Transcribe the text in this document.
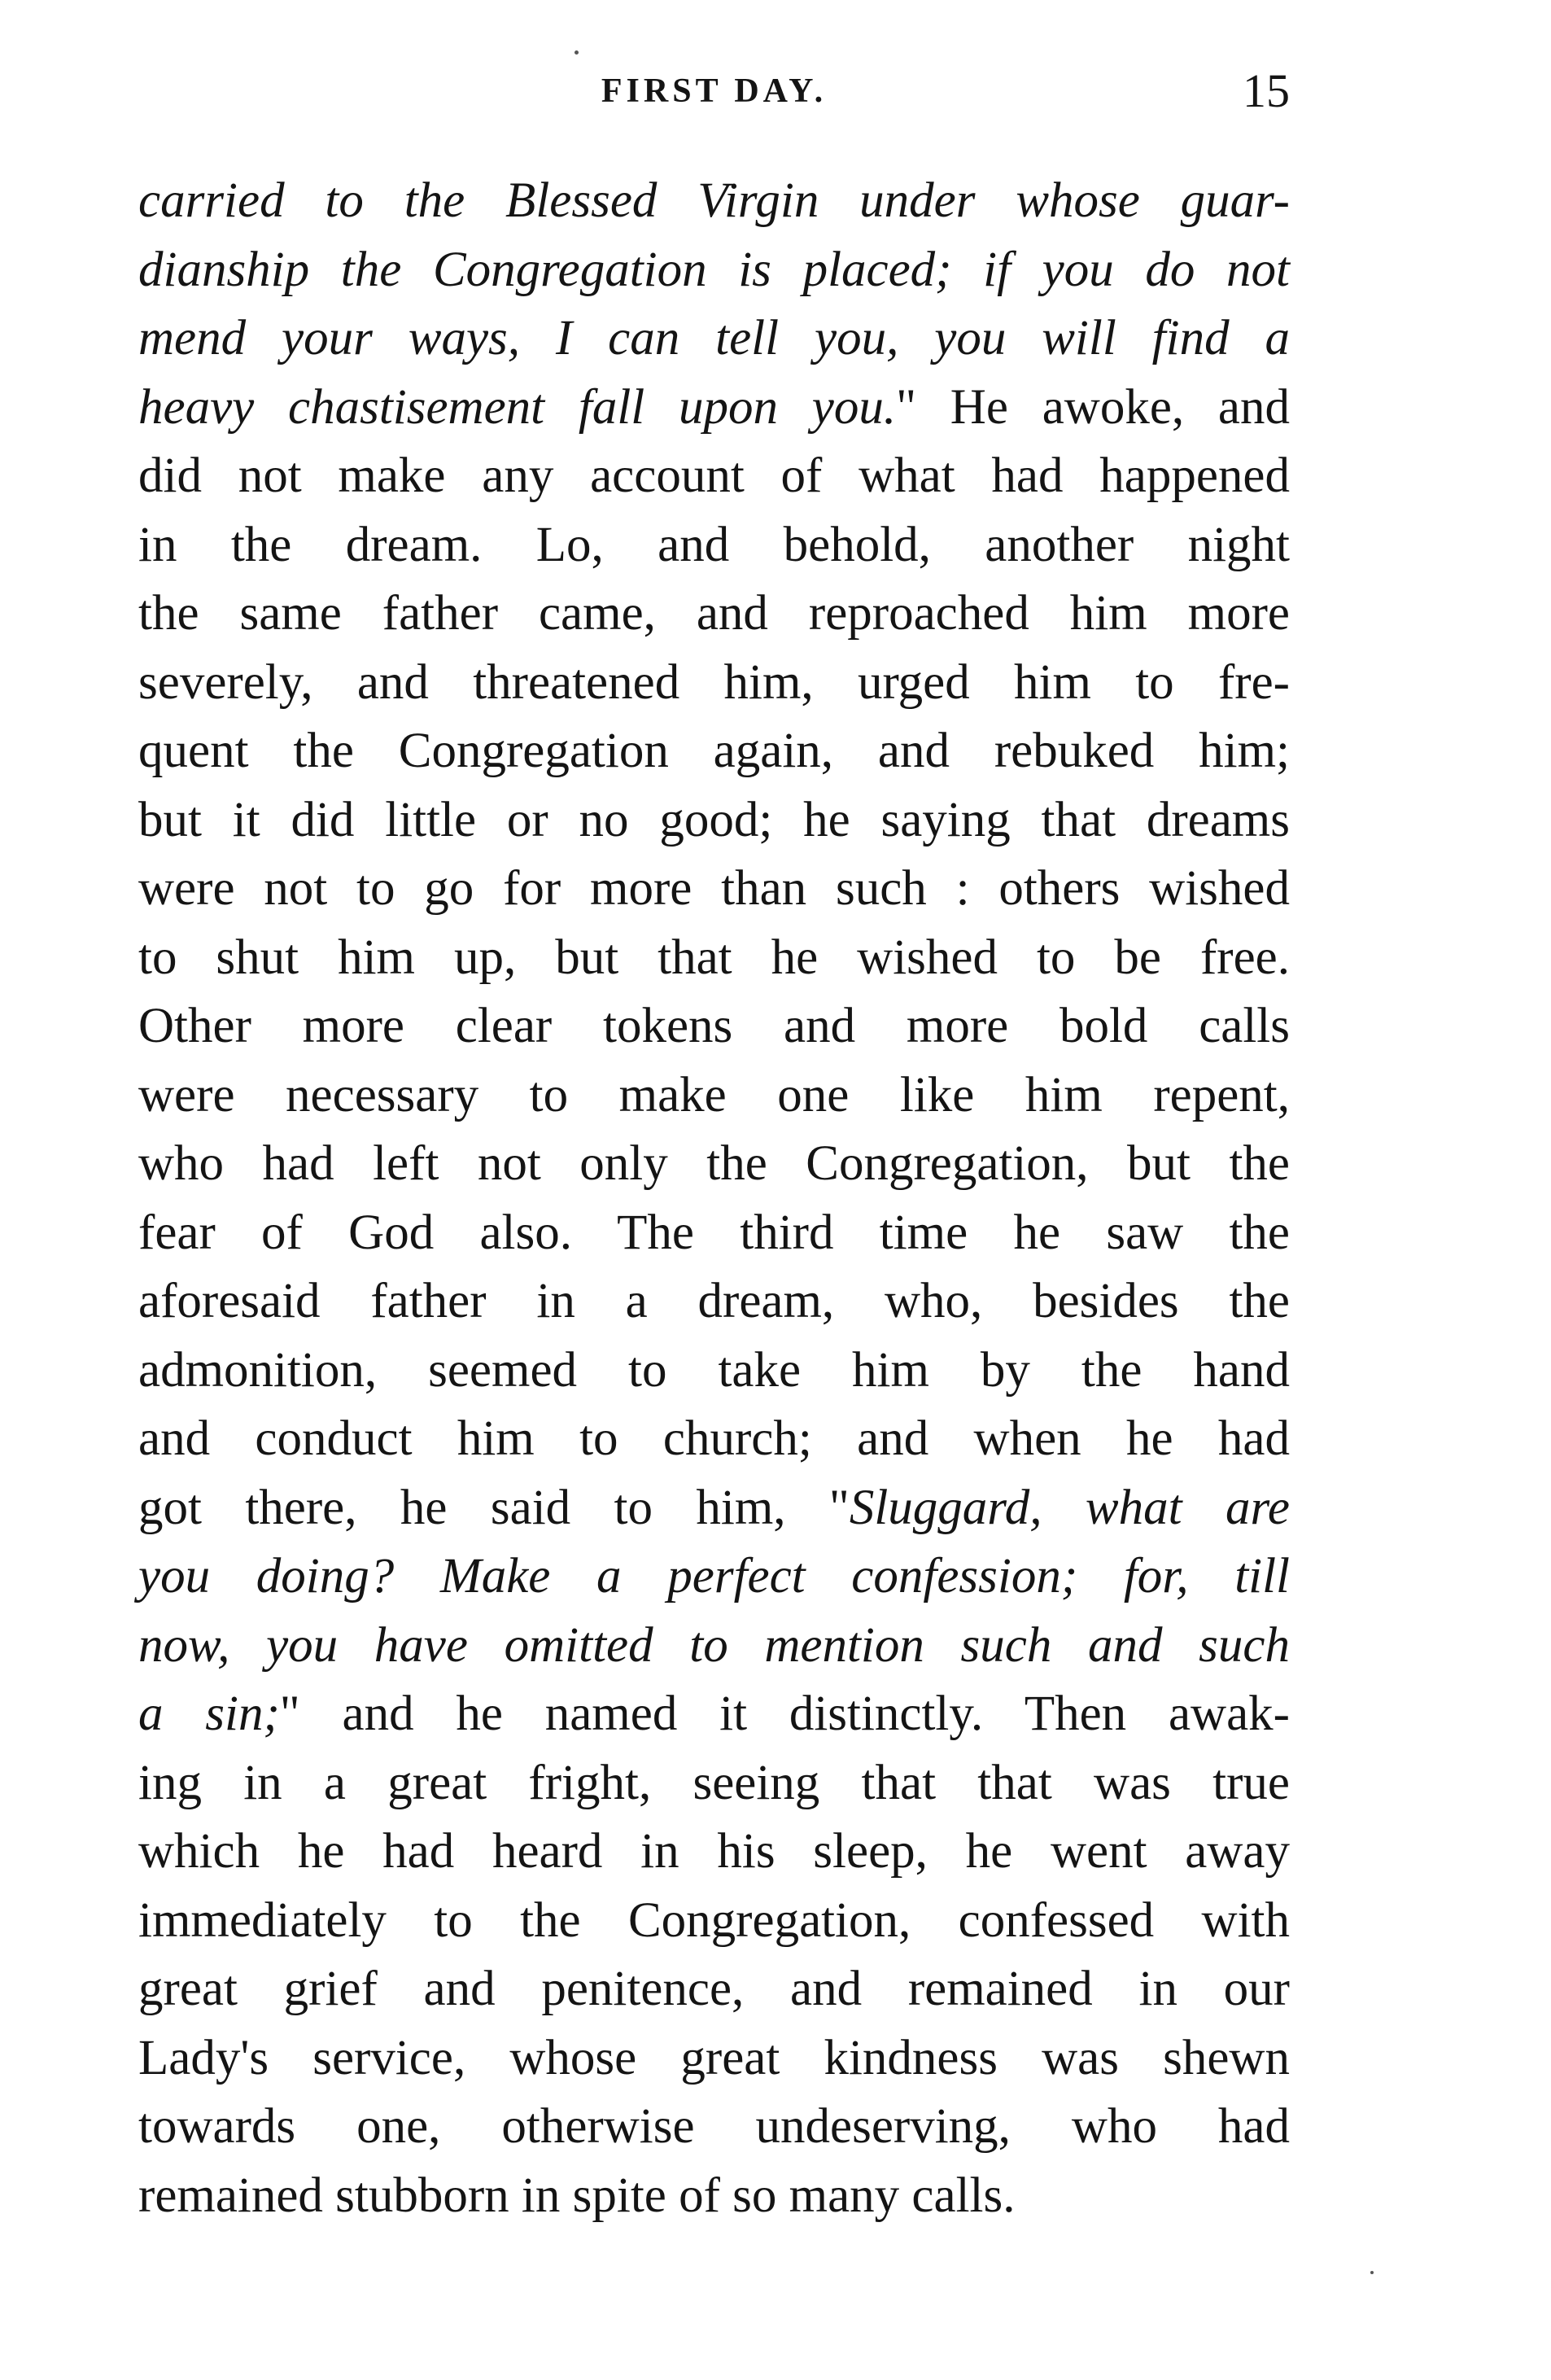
FIRST DAY.	15
carried to the Blessed Virgin under whose guar-
dianship the Congregation is placed; if you do not
mend your ways, I can tell you, you will find a
heavy chastisement fall upon you." He awoke, and
did not make any account of what had happened
in the dream. Lo, and behold, another night
the same father came, and reproached him more
severely, and threatened him, urged him to fre-
quent the Congregation again, and rebuked him;
but it did little or no good; he saying that dreams
were not to go for more than such : others wished
to shut him up, but that he wished to be free.
Other more clear tokens and more bold calls
were necessary to make one like him repent,
who had left not only the Congregation, but the
fear of God also. The third time he saw the
aforesaid father in a dream, who, besides the
admonition, seemed to take him by the hand
and conduct him to church; and when he had
got there, he said to him, "Sluggard, what are
you doing? Make a perfect confession; for, till
now, you have omitted to mention such and such
a sin;" and he named it distinctly. Then awak-
ing in a great fright, seeing that that was true
which he had heard in his sleep, he went away
immediately to the Congregation, confessed with
great grief and penitence, and remained in our
Lady's service, whose great kindness was shewn
towards one, otherwise undeserving, who had
remained stubborn in spite of so many calls.
